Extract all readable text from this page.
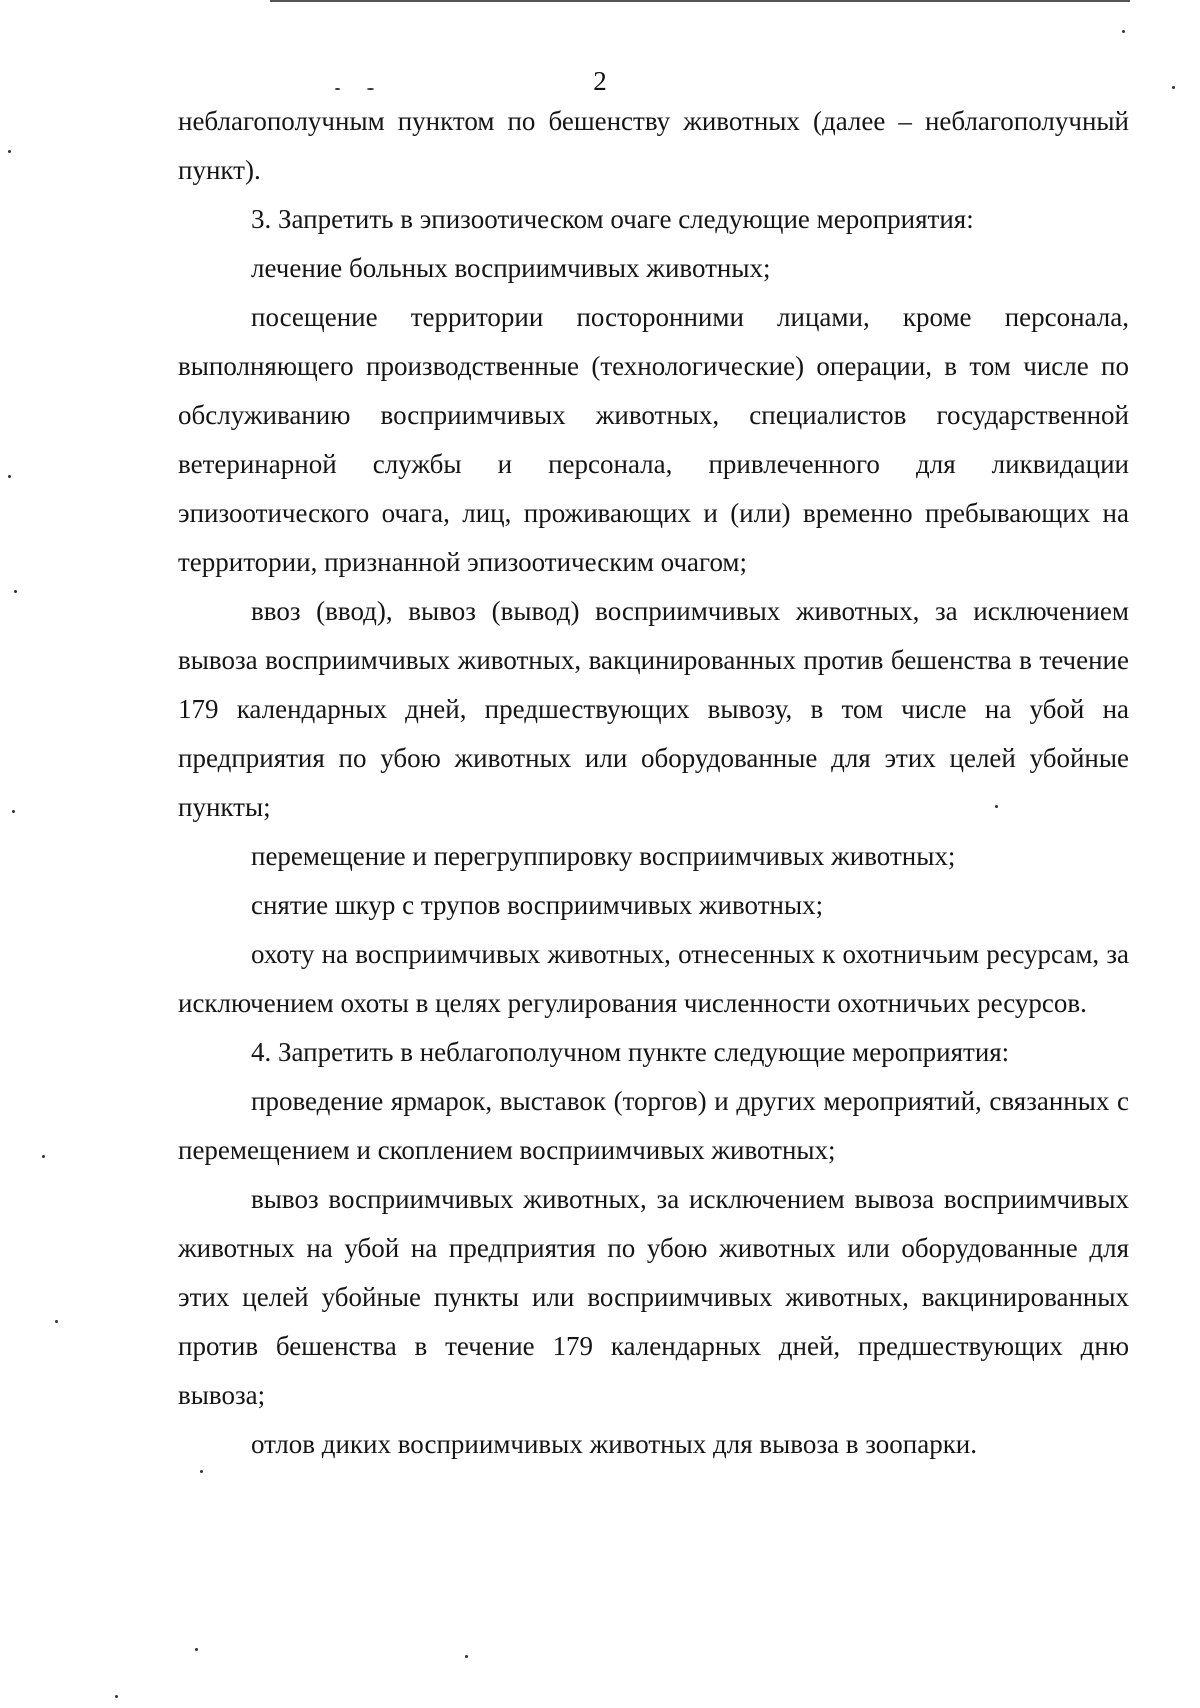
2

неблагополучным пунктом по бешенству животных (далее – неблагополучный пункт).

3. Запретить в эпизоотическом очаге следующие мероприятия:

лечение больных восприимчивых животных;

посещение территории посторонними лицами, кроме персонала, выполняющего производственные (технологические) операции, в том числе по обслуживанию восприимчивых животных, специалистов государственной ветеринарной службы и персонала, привлеченного для ликвидации эпизоотического очага, лиц, проживающих и (или) временно пребывающих на территории, признанной эпизоотическим очагом;

ввоз (ввод), вывоз (вывод) восприимчивых животных, за исключением вывоза восприимчивых животных, вакцинированных против бешенства в течение 179 календарных дней, предшествующих вывозу, в том числе на убой на предприятия по убою животных или оборудованные для этих целей убойные пункты;

перемещение и перегруппировку восприимчивых животных;

снятие шкур с трупов восприимчивых животных;

охоту на восприимчивых животных, отнесенных к охотничьим ресурсам, за исключением охоты в целях регулирования численности охотничьих ресурсов.

4. Запретить в неблагополучном пункте следующие мероприятия:

проведение ярмарок, выставок (торгов) и других мероприятий, связанных с перемещением и скоплением восприимчивых животных;

вывоз восприимчивых животных, за исключением вывоза восприимчивых животных на убой на предприятия по убою животных или оборудованные для этих целей убойные пункты или восприимчивых животных, вакцинированных против бешенства в течение 179 календарных дней, предшествующих дню вывоза;

отлов диких восприимчивых животных для вывоза в зоопарки.
